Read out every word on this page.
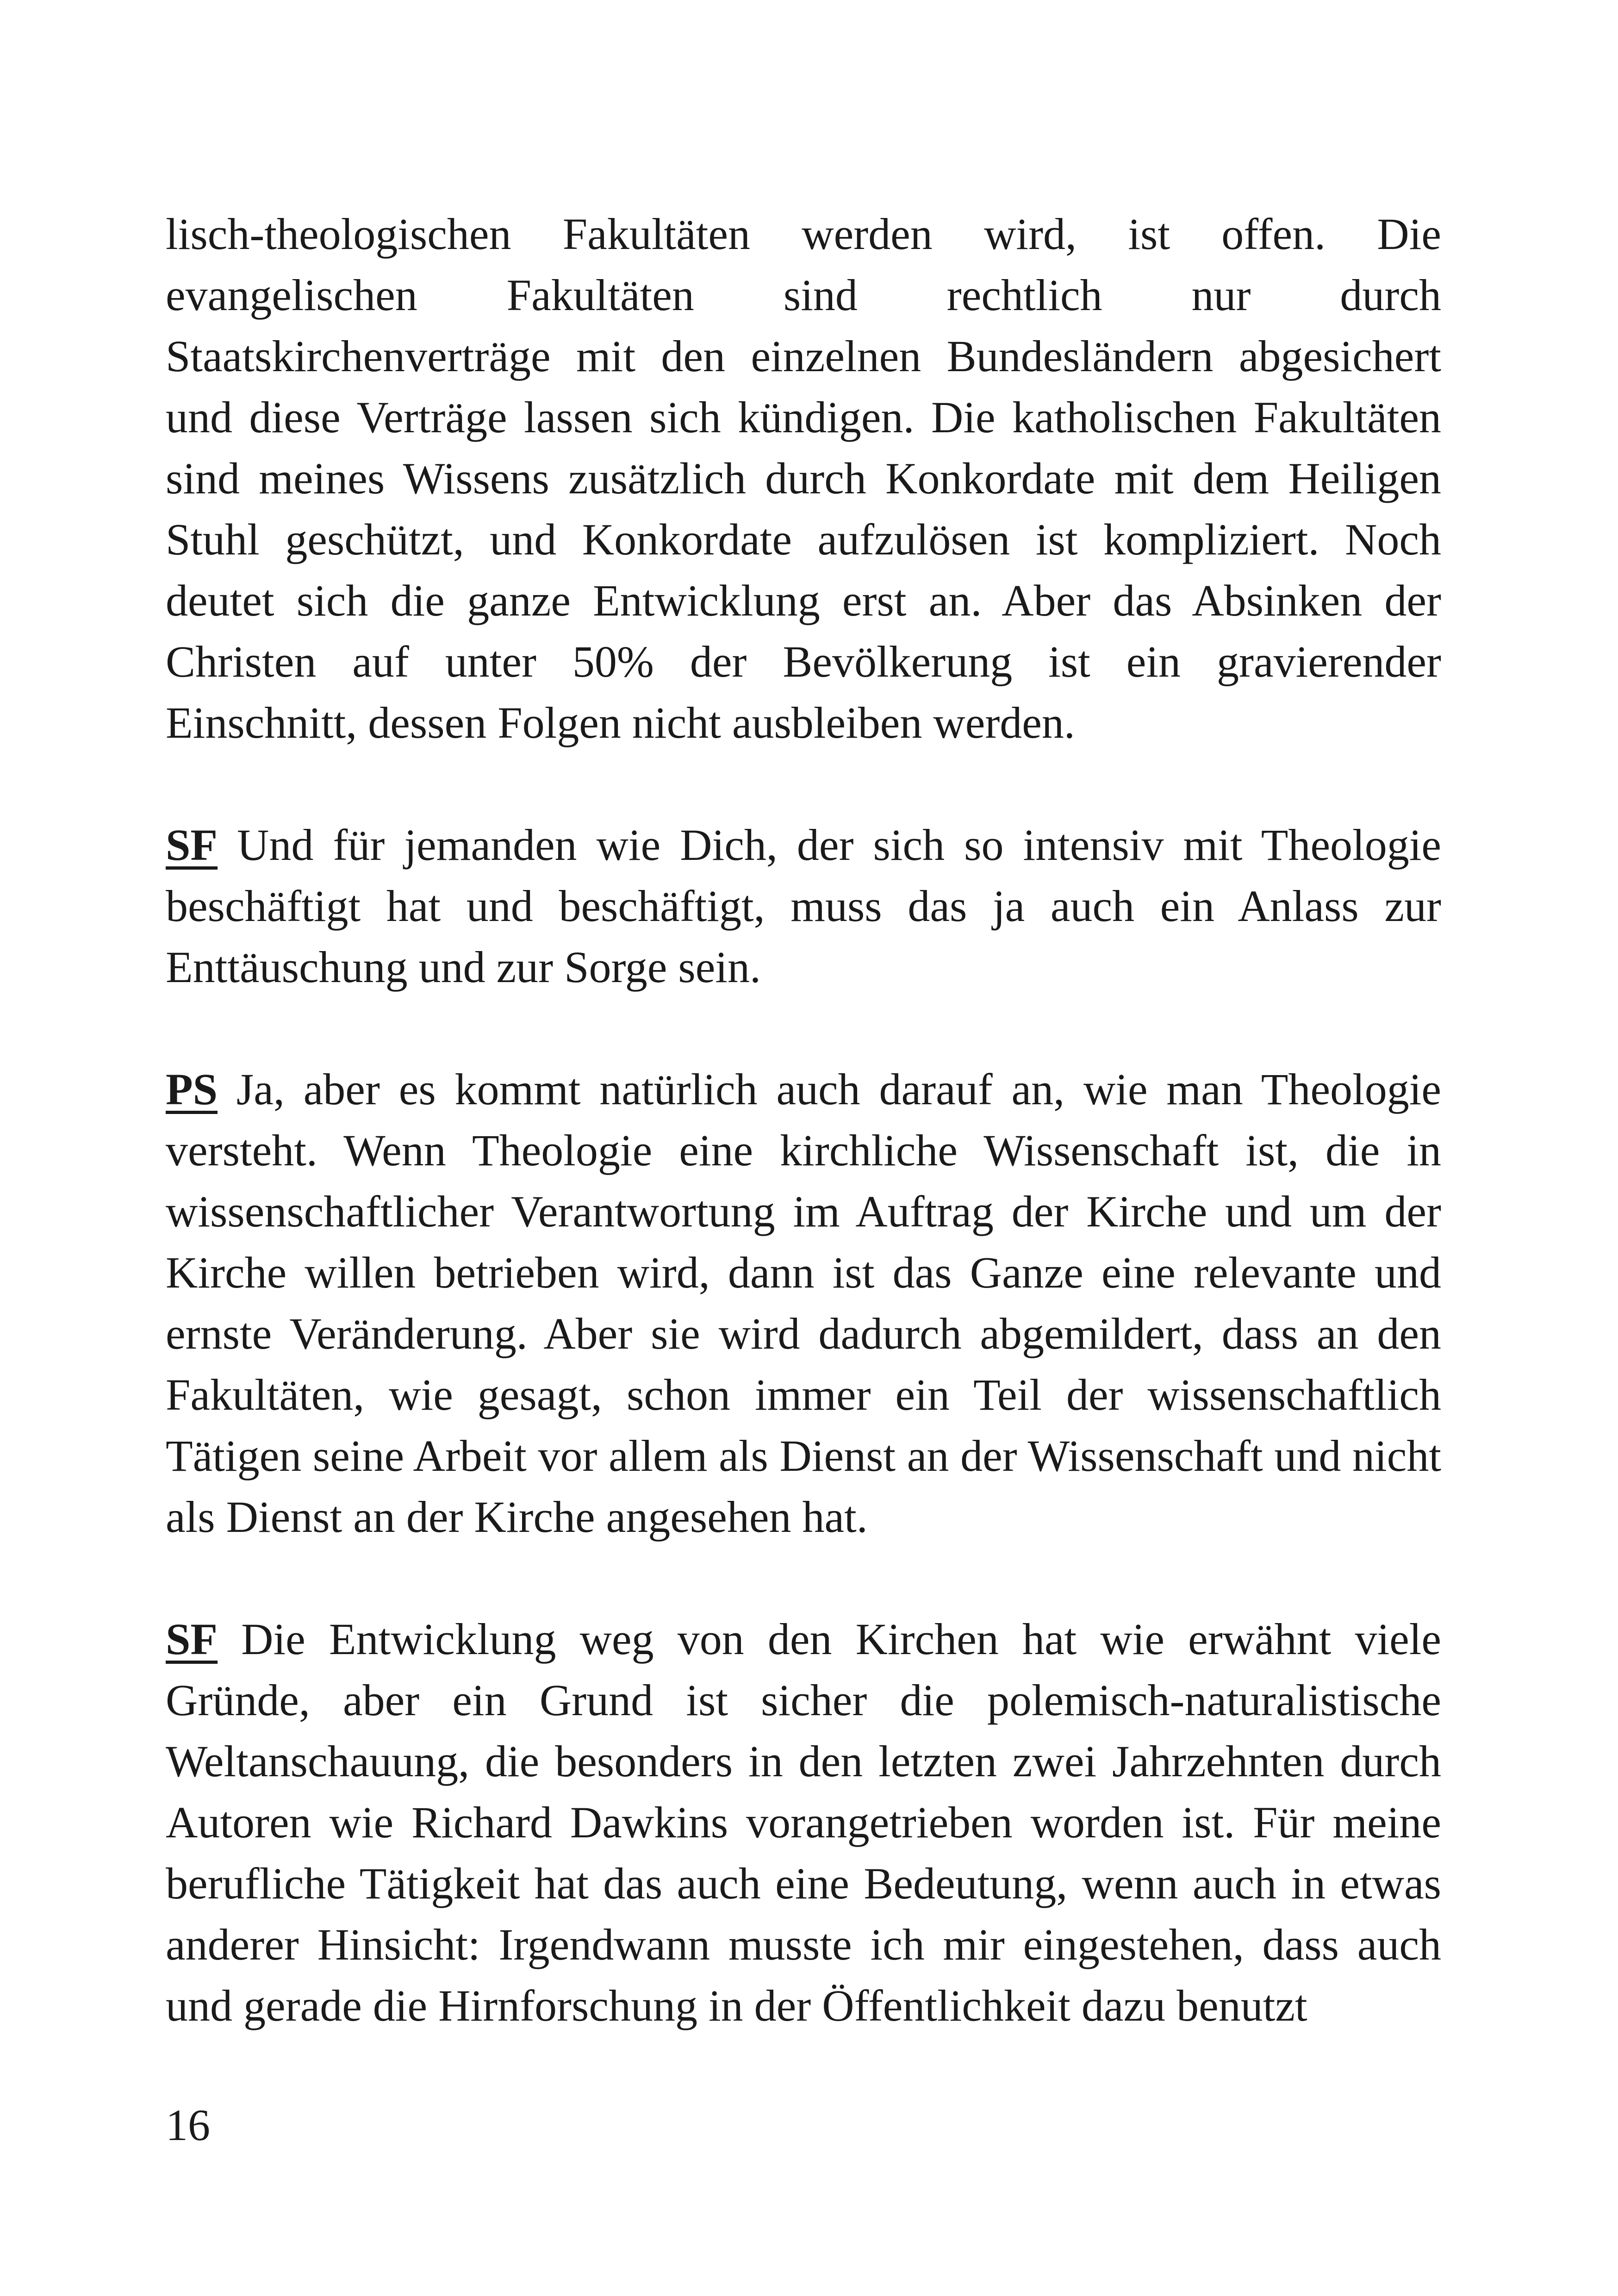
lisch-theologischen Fakultäten werden wird, ist offen. Die evangelischen Fakultäten sind rechtlich nur durch Staatskirchenverträge mit den einzelnen Bundesländern abgesichert und diese Verträge lassen sich kündigen. Die katholischen Fakultäten sind meines Wissens zusätzlich durch Konkordate mit dem Heiligen Stuhl geschützt, und Konkordate aufzulösen ist kompliziert. Noch deutet sich die ganze Entwicklung erst an. Aber das Absinken der Christen auf unter 50% der Bevölkerung ist ein gravierender Einschnitt, dessen Folgen nicht ausbleiben werden.

SF Und für jemanden wie Dich, der sich so intensiv mit Theologie beschäftigt hat und beschäftigt, muss das ja auch ein Anlass zur Enttäuschung und zur Sorge sein.

PS Ja, aber es kommt natürlich auch darauf an, wie man Theologie versteht. Wenn Theologie eine kirchliche Wissenschaft ist, die in wissenschaftlicher Verantwortung im Auftrag der Kirche und um der Kirche willen betrieben wird, dann ist das Ganze eine relevante und ernste Veränderung. Aber sie wird dadurch abgemildert, dass an den Fakultäten, wie gesagt, schon immer ein Teil der wissenschaftlich Tätigen seine Arbeit vor allem als Dienst an der Wissenschaft und nicht als Dienst an der Kirche angesehen hat.

SF Die Entwicklung weg von den Kirchen hat wie erwähnt viele Gründe, aber ein Grund ist sicher die polemisch-naturalistische Weltanschauung, die besonders in den letzten zwei Jahrzehnten durch Autoren wie Richard Dawkins vorangetrieben worden ist. Für meine berufliche Tätigkeit hat das auch eine Bedeutung, wenn auch in etwas anderer Hinsicht: Irgendwann musste ich mir eingestehen, dass auch und gerade die Hirnforschung in der Öffentlichkeit dazu benutzt

16
